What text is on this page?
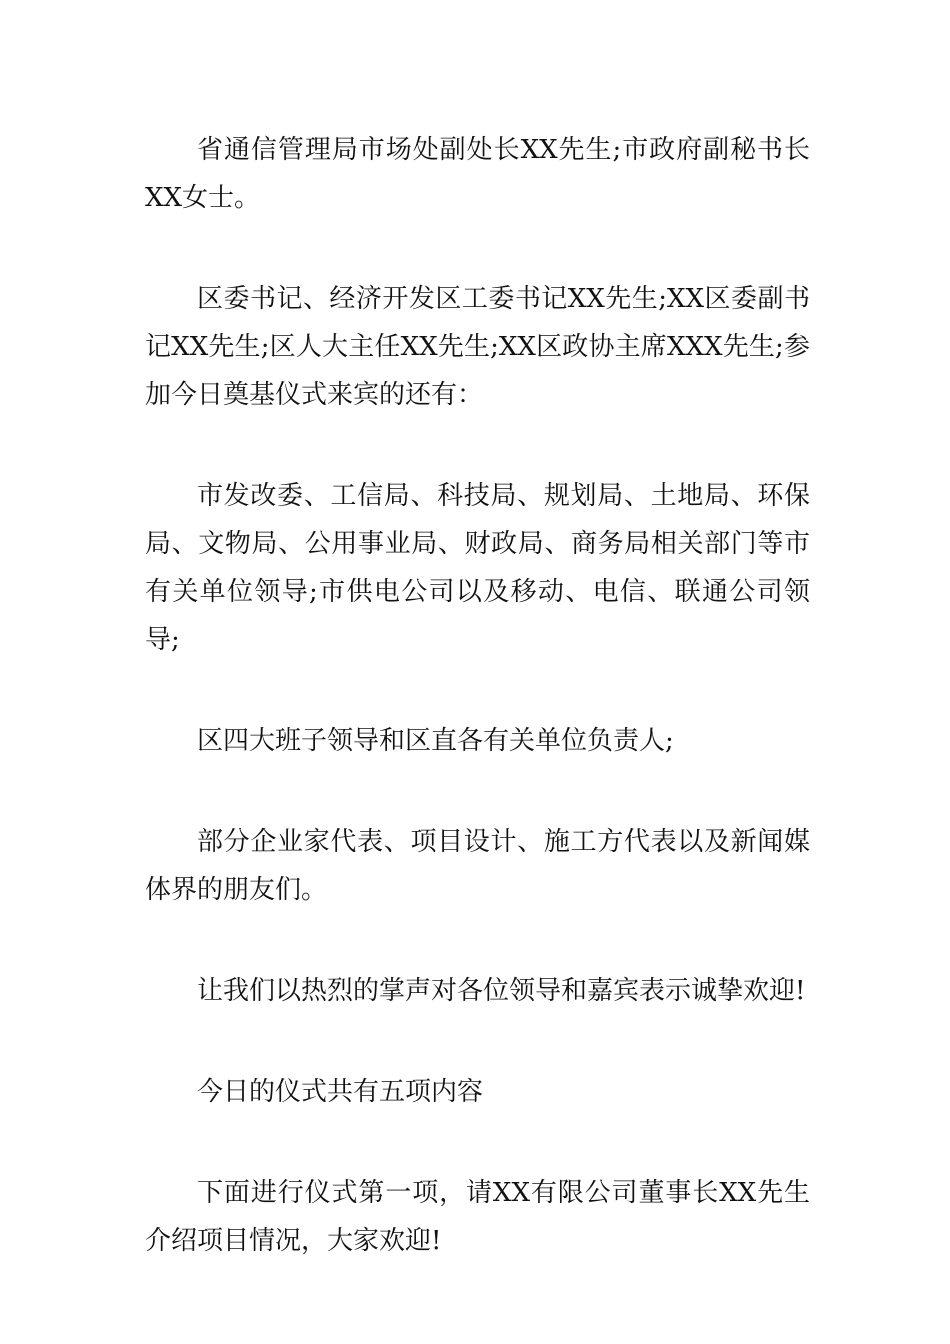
省通信管理局市场处副处长XX先生;市政府副秘书长XX女士。

区委书记、经济开发区工委书记XX先生;XX区委副书记XX先生;区人大主任XX先生;XX区政协主席XXX先生;参加今日奠基仪式来宾的还有：

市发改委、工信局、科技局、规划局、土地局、环保局、文物局、公用事业局、财政局、商务局相关部门等市有关单位领导;市供电公司以及移动、电信、联通公司领导;

区四大班子领导和区直各有关单位负责人;

部分企业家代表、项目设计、施工方代表以及新闻媒体界的朋友们。

让我们以热烈的掌声对各位领导和嘉宾表示诚挚欢迎!

今日的仪式共有五项内容

下面进行仪式第一项，请XX有限公司董事长XX先生介绍项目情况，大家欢迎!
